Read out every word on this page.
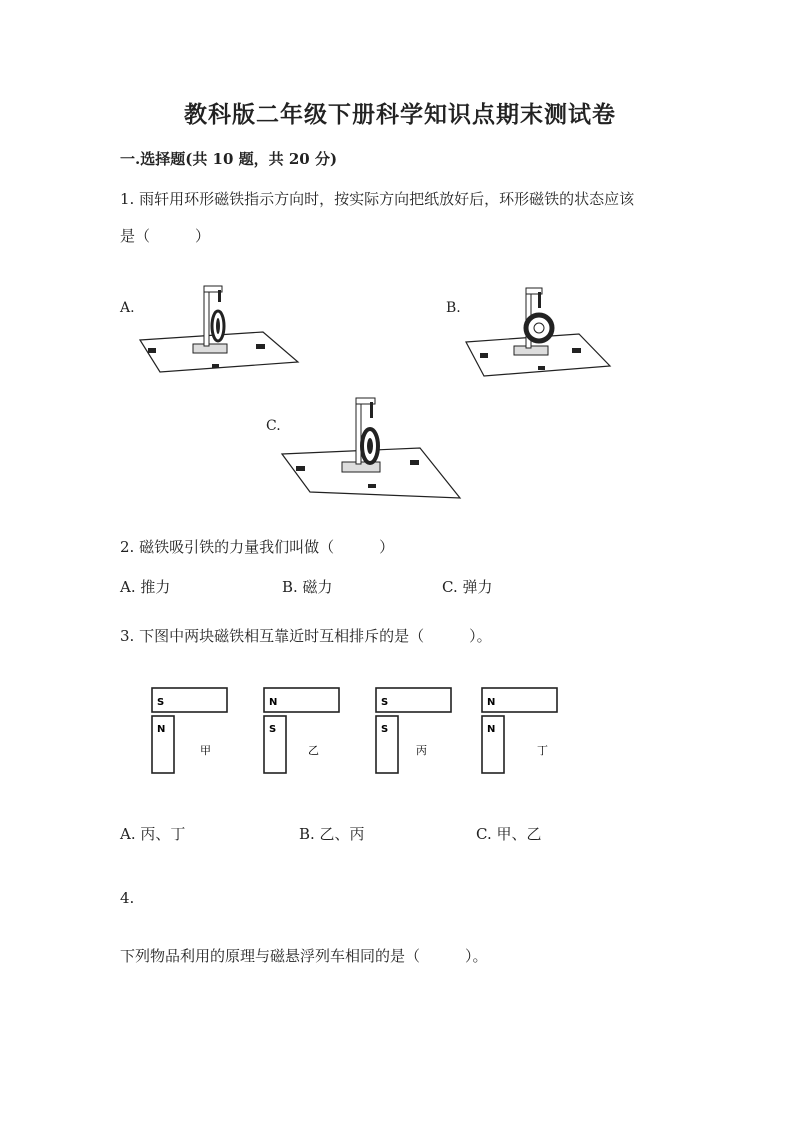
教科版二年级下册科学知识点期末测试卷
一.选择题(共 10 题，共 20 分)
1. 雨轩用环形磁铁指示方向时，按实际方向把纸放好后，环形磁铁的状态应该
是（　　　）
A.	B.
C.
2. 磁铁吸引铁的力量我们叫做（　　　）
A. 推力	B. 磁力	C. 弹力
3. 下图中两块磁铁相互靠近时互相排斥的是（　　　）。
S
N
甲
N
S
乙
S
S
丙
N
N
丁
A. 丙、丁	B. 乙、丙	C. 甲、乙
4.
下列物品利用的原理与磁悬浮列车相同的是（　　　）。
